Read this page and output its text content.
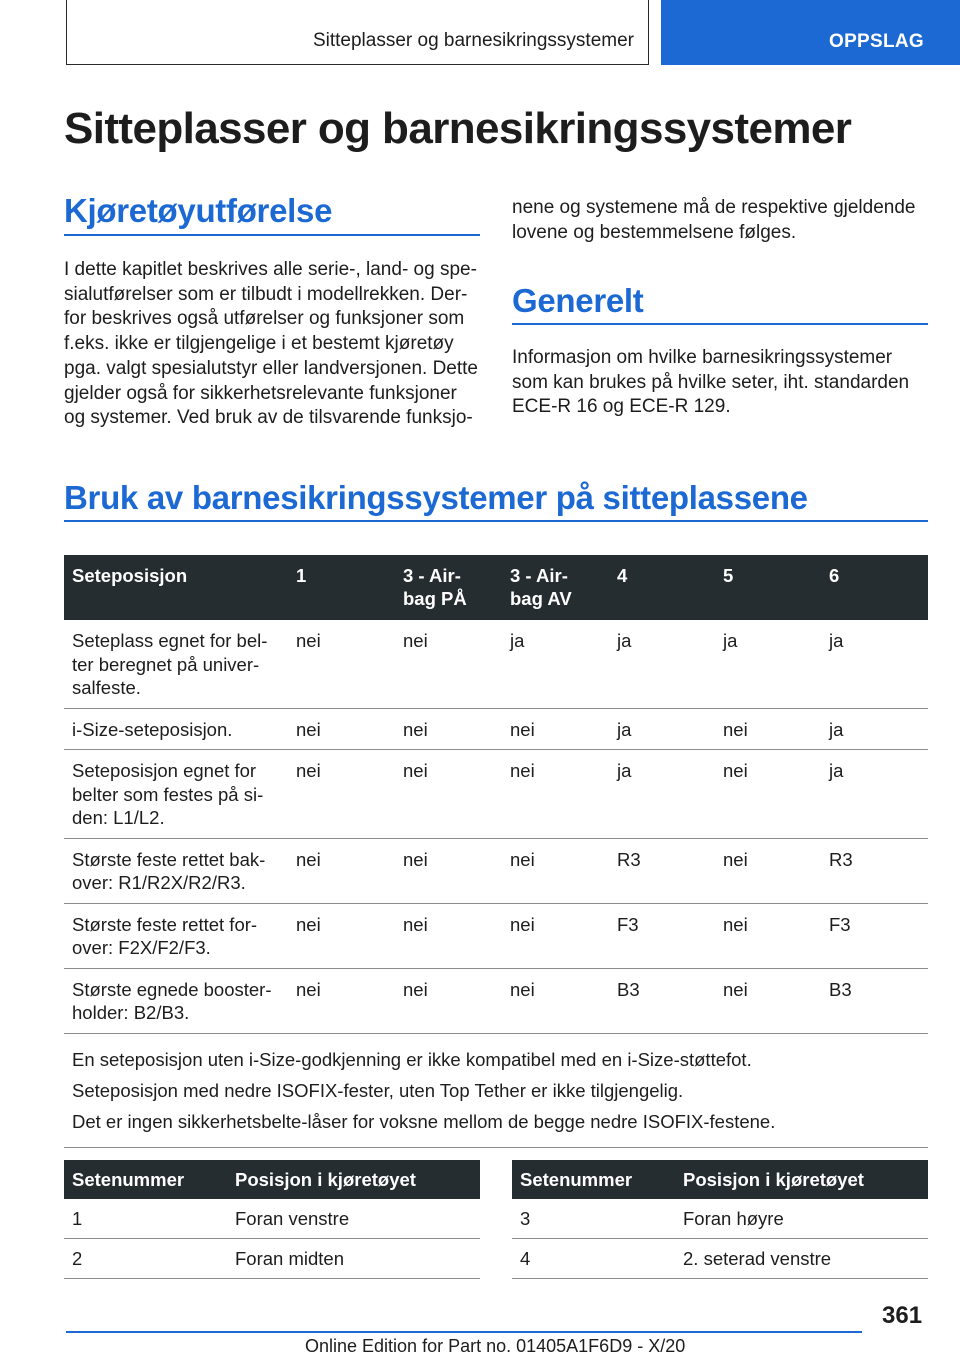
Sitteplasser og barnesikringssystemer	OPPSLAG
Sitteplasser og barnesikringssystemer
Kjøretøyutførelse
I dette kapitlet beskrives alle serie-, land- og spe-
sialutførelser som er tilbudt i modellrekken. Der-
for beskrives også utførelser og funksjoner som
f.eks. ikke er tilgjengelige i et bestemt kjøretøy
pga. valgt spesialutstyr eller landversjonen. Dette
gjelder også for sikkerhetsrelevante funksjoner
og systemer. Ved bruk av de tilsvarende funksjo-
nene og systemene må de respektive gjeldende
lovene og bestemmelsene følges.
Generelt
Informasjon om hvilke barnesikringssystemer
som kan brukes på hvilke seter, iht. standarden
ECE-R 16 og ECE-R 129.
Bruk av barnesikringssystemer på sitteplassene
Seteposisjon	1	3 - Air-
bag PÅ	3 - Air-
bag AV	4	5	6

Seteplass egnet for bel-
ter beregnet på univer-
salfeste.	nei	nei	ja	ja	ja	ja

i-Size-seteposisjon.	nei	nei	nei	ja	nei	ja

Seteposisjon egnet for
belter som festes på si-
den: L1/L2.	nei	nei	nei	ja	nei	ja

Største feste rettet bak-
over: R1/R2X/R2/R3.	nei	nei	nei	R3	nei	R3

Største feste rettet for-
over: F2X/F2/F3.	nei	nei	nei	F3	nei	F3

Største egnede booster-
holder: B2/B3.	nei	nei	nei	B3	nei	B3

En seteposisjon uten i-Size-godkjenning er ikke kompatibel med en i-Size-støttefot.
Seteposisjon med nedre ISOFIX-fester, uten Top Tether er ikke tilgjengelig.
Det er ingen sikkerhetsbelte-låser for voksne mellom de begge nedre ISOFIX-festene.						
Setenummer	Posisjon i kjøretøyet
1	Foran venstre
2	Foran midten
Setenummer	Posisjon i kjøretøyet
3	Foran høyre
4	2. seterad venstre
361
Online Edition for Part no. 01405A1F6D9 - X/20
